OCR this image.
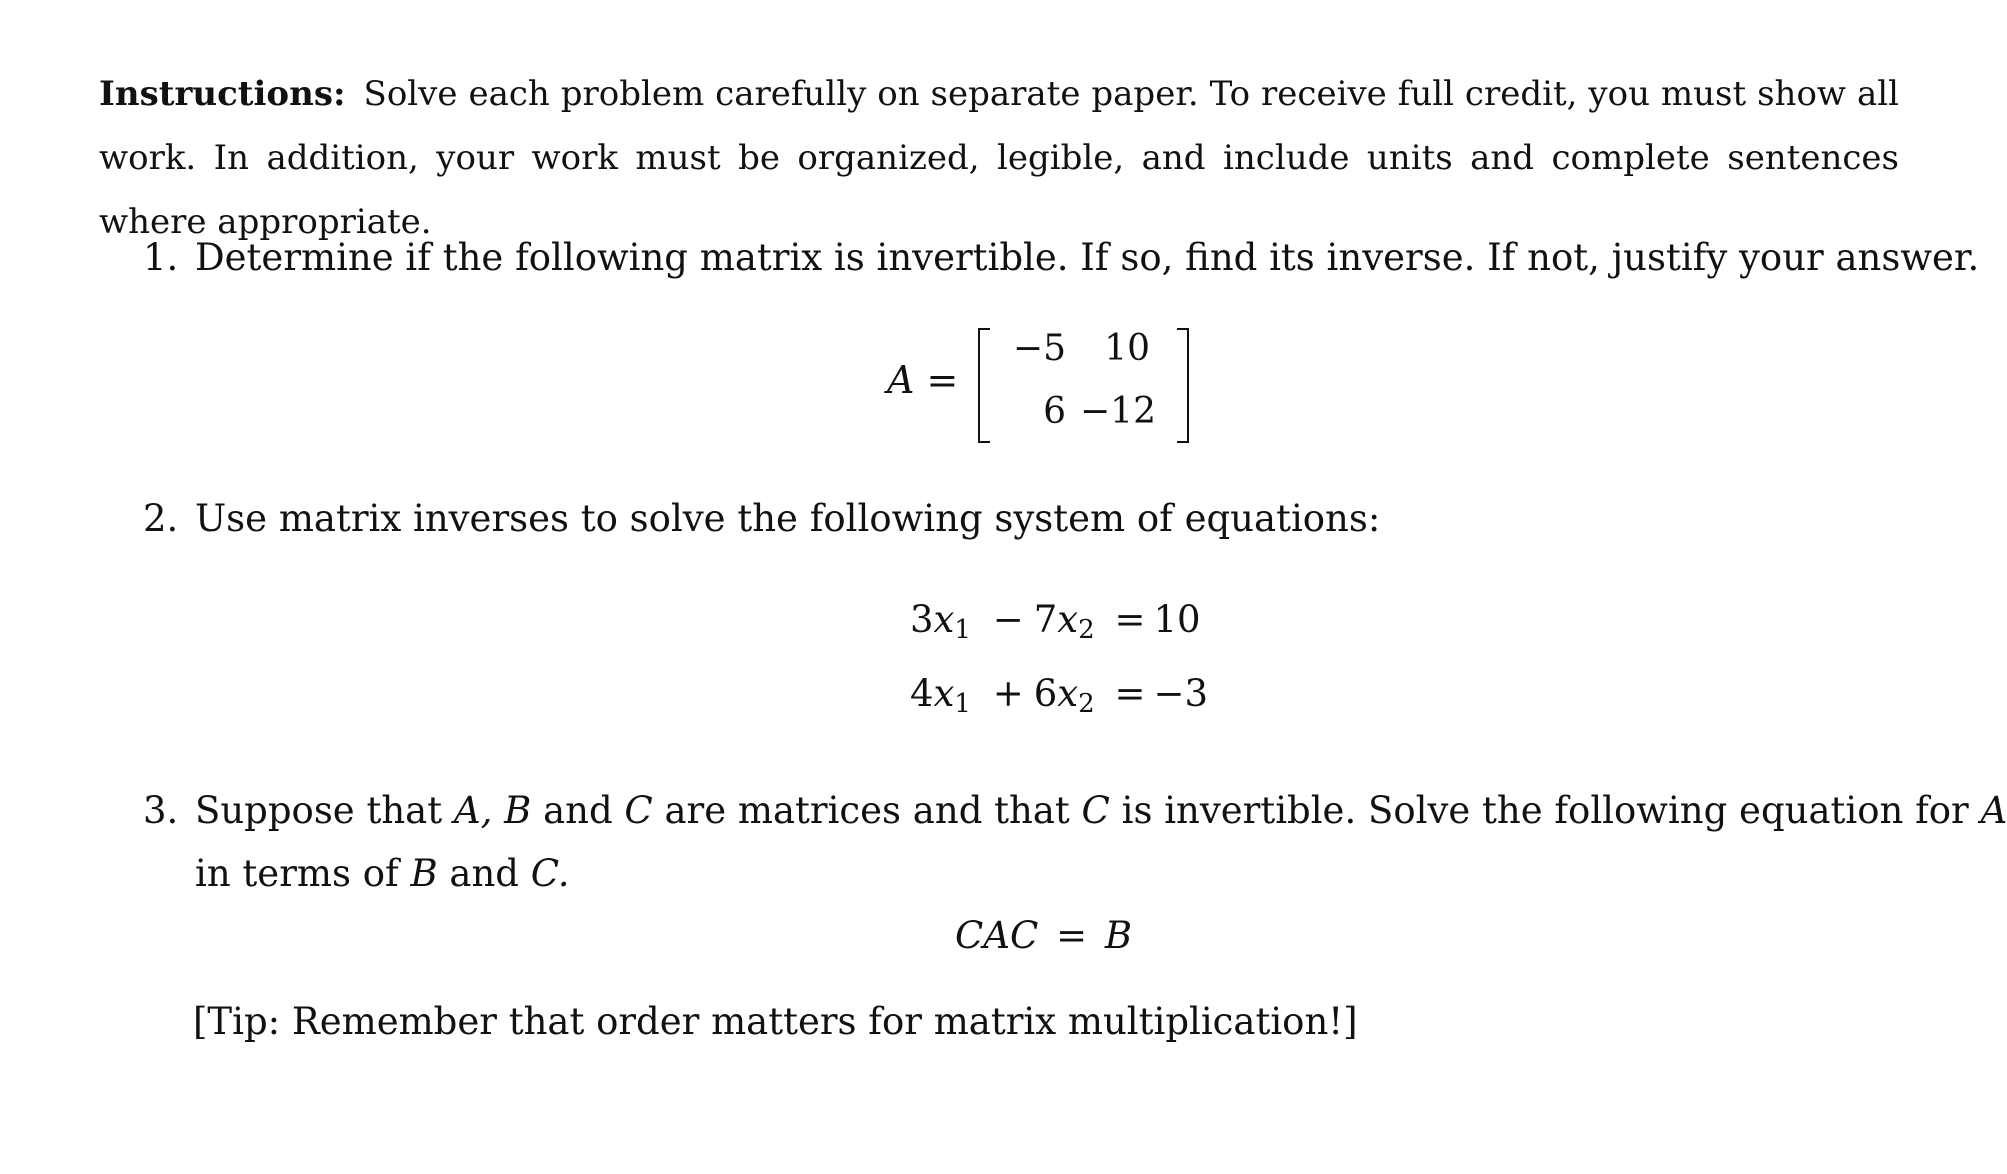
Instructions: Solve each problem carefully on separate paper. To receive full credit, you must show all work. In addition, your work must be organized, legible, and include units and complete sentences where appropriate.
1. Determine if the following matrix is invertible. If so, find its inverse. If not, justify your answer.
A =
−5	10
6 −12
2. Use matrix inverses to solve the following system of equations:
$3x_1 - 7x_2 = 10$
$4x_1 + 6x_2 = -3$
3. Suppose that A, B and C are matrices and that C is invertible. Solve the following equation for A
in terms of B and C.
CAC = B
[Tip: Remember that order matters for matrix multiplication!]
